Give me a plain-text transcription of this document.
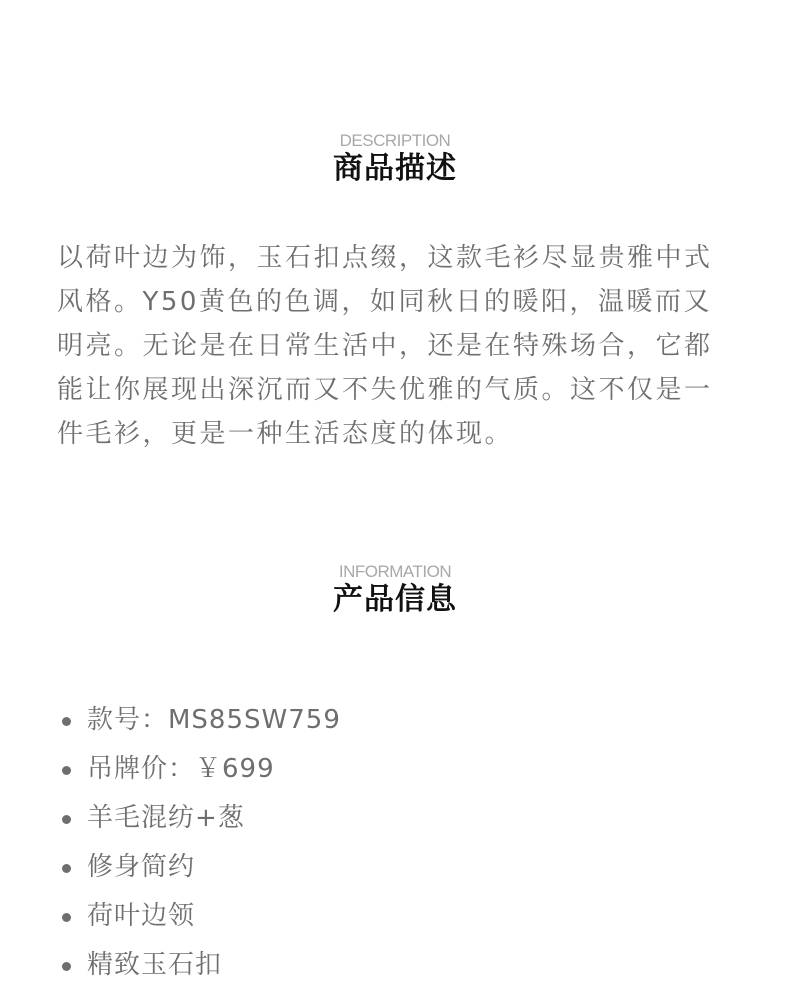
DESCRIPTION
商品描述

以荷叶边为饰，玉石扣点缀，这款毛衫尽显贵雅中式风格。Y50黄色的色调，如同秋日的暖阳，温暖而又明亮。无论是在日常生活中，还是在特殊场合，它都能让你展现出深沉而又不失优雅的气质。这不仅是一件毛衫，更是一种生活态度的体现。

INFORMATION
产品信息
款号：MS85SW759
吊牌价：￥699
羊毛混纺+葱
修身简约
荷叶边领
精致玉石扣
